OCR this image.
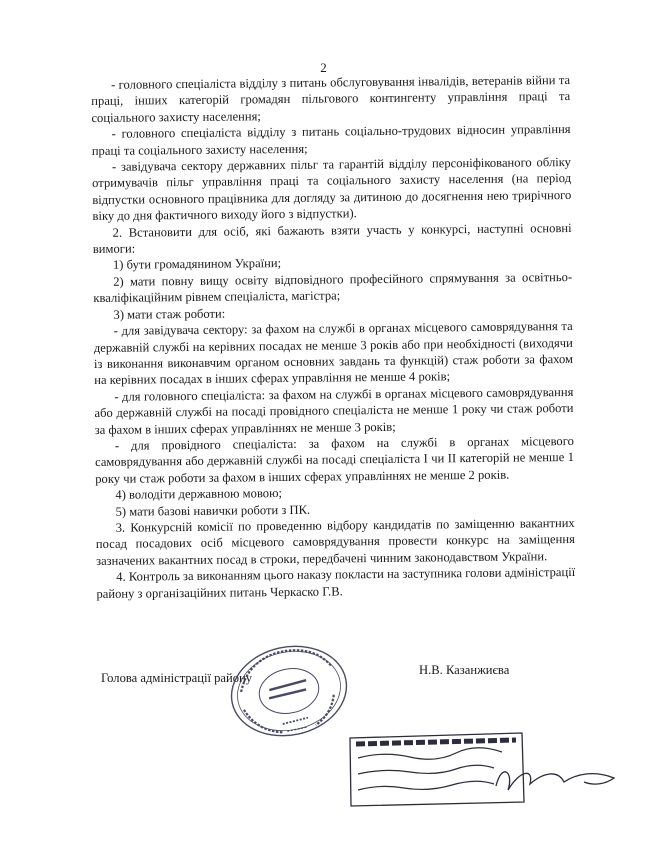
2

- головного спеціаліста відділу з питань обслуговування інвалідів, ветеранів війни та праці, інших категорій громадян пільгового контингенту управління праці та соціального захисту населення;

- головного спеціаліста відділу з питань соціально-трудових відносин управління праці та соціального захисту населення;

- завідувача сектору державних пільг та гарантій відділу персоніфікованого обліку отримувачів пільг управління праці та соціального захисту населення (на період відпустки основного працівника для догляду за дитиною до досягнення нею трирічного віку до дня фактичного виходу його з відпустки).

2. Встановити для осіб, які бажають взяти участь у конкурсі, наступні основні вимоги:

1) бути громадянином України;

2) мати повну вищу освіту відповідного професійного спрямування за освітньо-кваліфікаційним рівнем спеціаліста, магістра;

3) мати стаж роботи:

- для завідувача сектору: за фахом на службі в органах місцевого самоврядування та державній службі на керівних посадах не менше 3 років або при необхідності (виходячи із виконання виконавчим органом основних завдань та функцій) стаж роботи за фахом на керівних посадах в інших сферах управління не менше 4 років;

- для головного спеціаліста: за фахом на службі в органах місцевого самоврядування або державній службі на посаді провідного спеціаліста не менше 1 року чи стаж роботи за фахом в інших сферах управліннях не менше 3 років;

- для провідного спеціаліста: за фахом на службі в органах місцевого самоврядування або державній службі на посаді спеціаліста І чи ІІ категорій не менше 1 року чи стаж роботи за фахом в інших сферах управліннях не менше 2 років.

4) володіти державною мовою;

5) мати базові навички роботи з ПК.

3. Конкурсній комісії по проведенню відбору кандидатів по заміщенню вакантних посад посадових осіб місцевого самоврядування провести конкурс на заміщення зазначених вакантних посад в строки, передбачені чинним законодавством України.

4. Контроль за виконанням цього наказу покласти на заступника голови адміністрації району з організаційних питань Черкаско Г.В.

Голова адміністрації району
Н.В. Казанжиєва
